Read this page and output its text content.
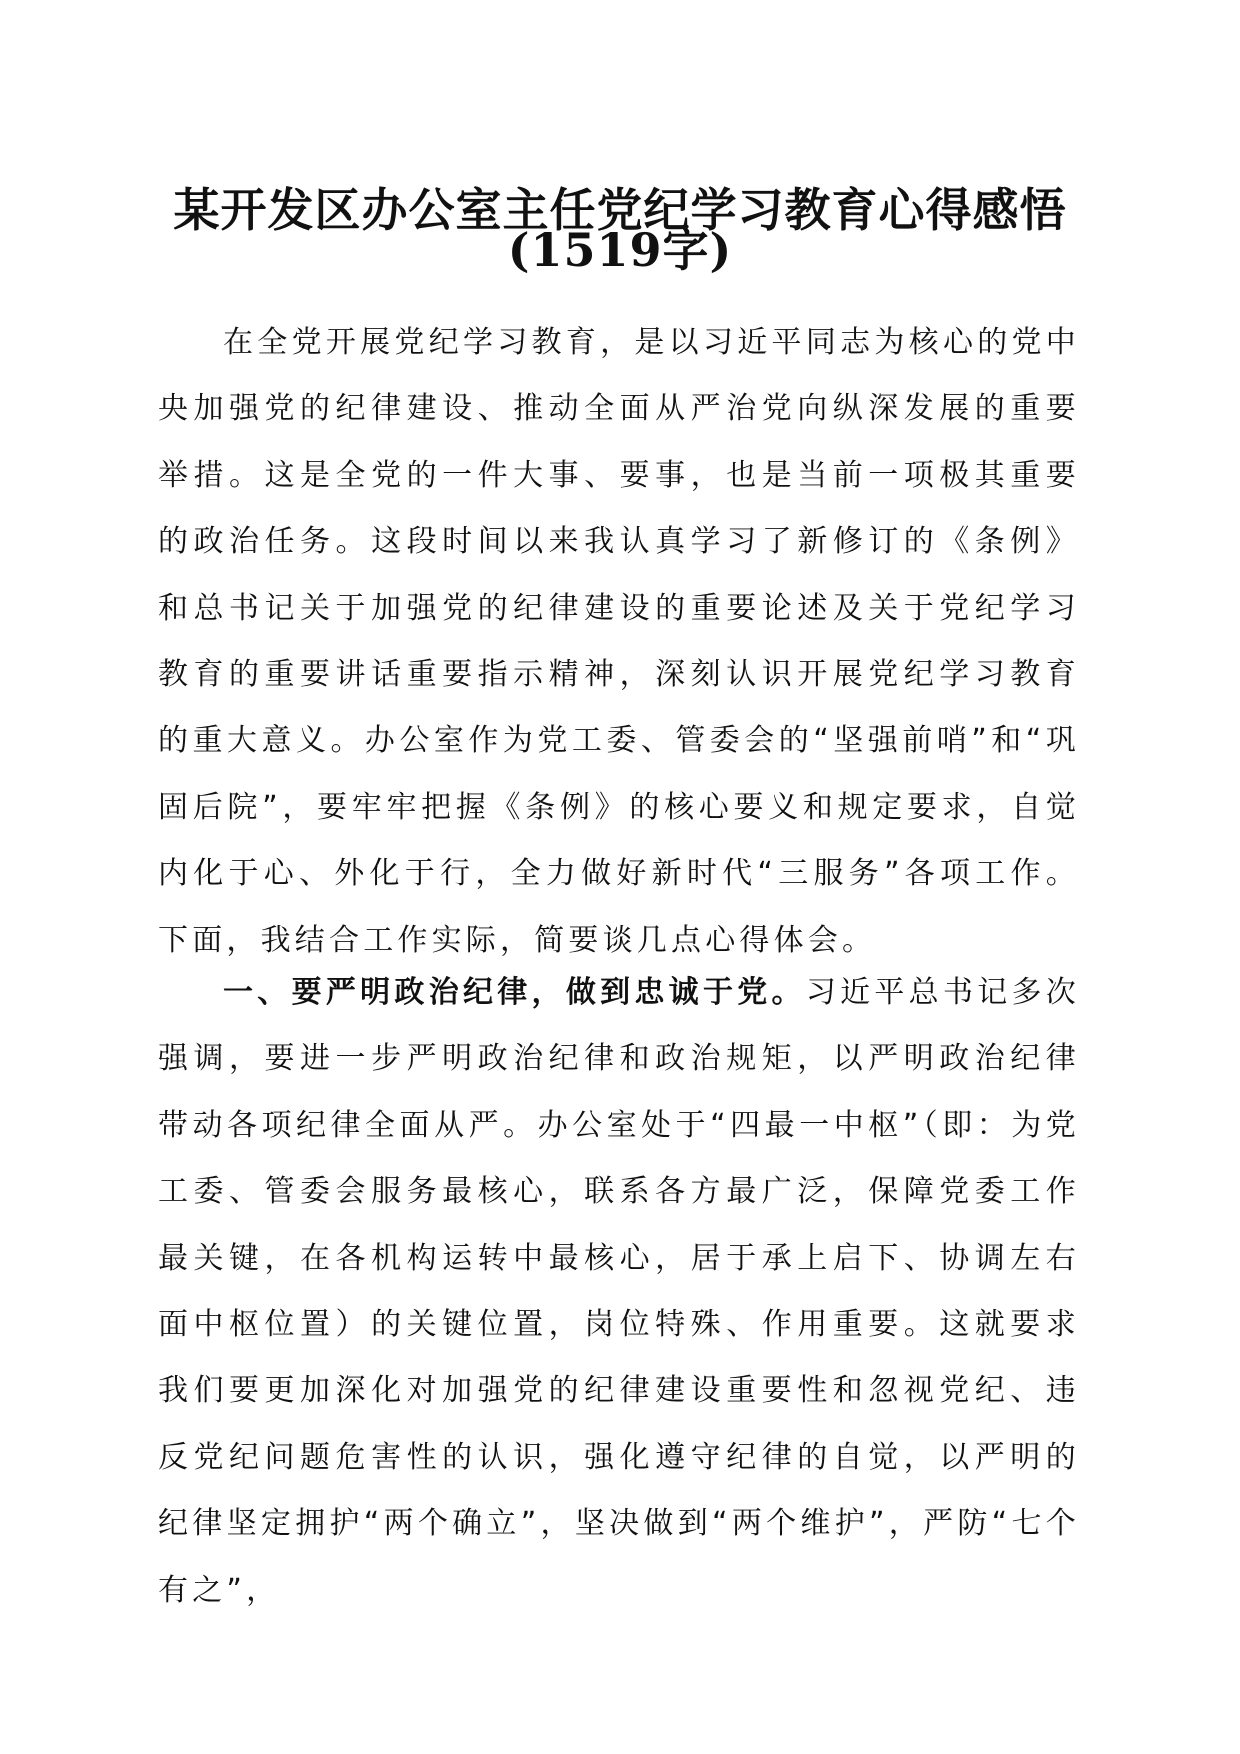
某开发区办公室主任党纪学习教育心得感悟
(1519字)

在全党开展党纪学习教育，是以习近平同志为核心的党中央加强党的纪律建设、推动全面从严治党向纵深发展的重要举措。这是全党的一件大事、要事，也是当前一项极其重要的政治任务。这段时间以来我认真学习了新修订的《条例》和总书记关于加强党的纪律建设的重要论述及关于党纪学习教育的重要讲话重要指示精神，深刻认识开展党纪学习教育的重大意义。办公室作为党工委、管委会的“坚强前哨”和“巩固后院”，要牢牢把握《条例》的核心要义和规定要求，自觉内化于心、外化于行，全力做好新时代“三服务”各项工作。下面，我结合工作实际，简要谈几点心得体会。

一、要严明政治纪律，做到忠诚于党。习近平总书记多次强调，要进一步严明政治纪律和政治规矩，以严明政治纪律带动各项纪律全面从严。办公室处于“四最一中枢”（即：为党工委、管委会服务最核心，联系各方最广泛，保障党委工作最关键，在各机构运转中最核心，居于承上启下、协调左右面中枢位置）的关键位置，岗位特殊、作用重要。这就要求我们要更加深化对加强党的纪律建设重要性和忽视党纪、违反党纪问题危害性的认识，强化遵守纪律的自觉，以严明的纪律坚定拥护“两个确立”，坚决做到“两个维护”，严防“七个有之”，
